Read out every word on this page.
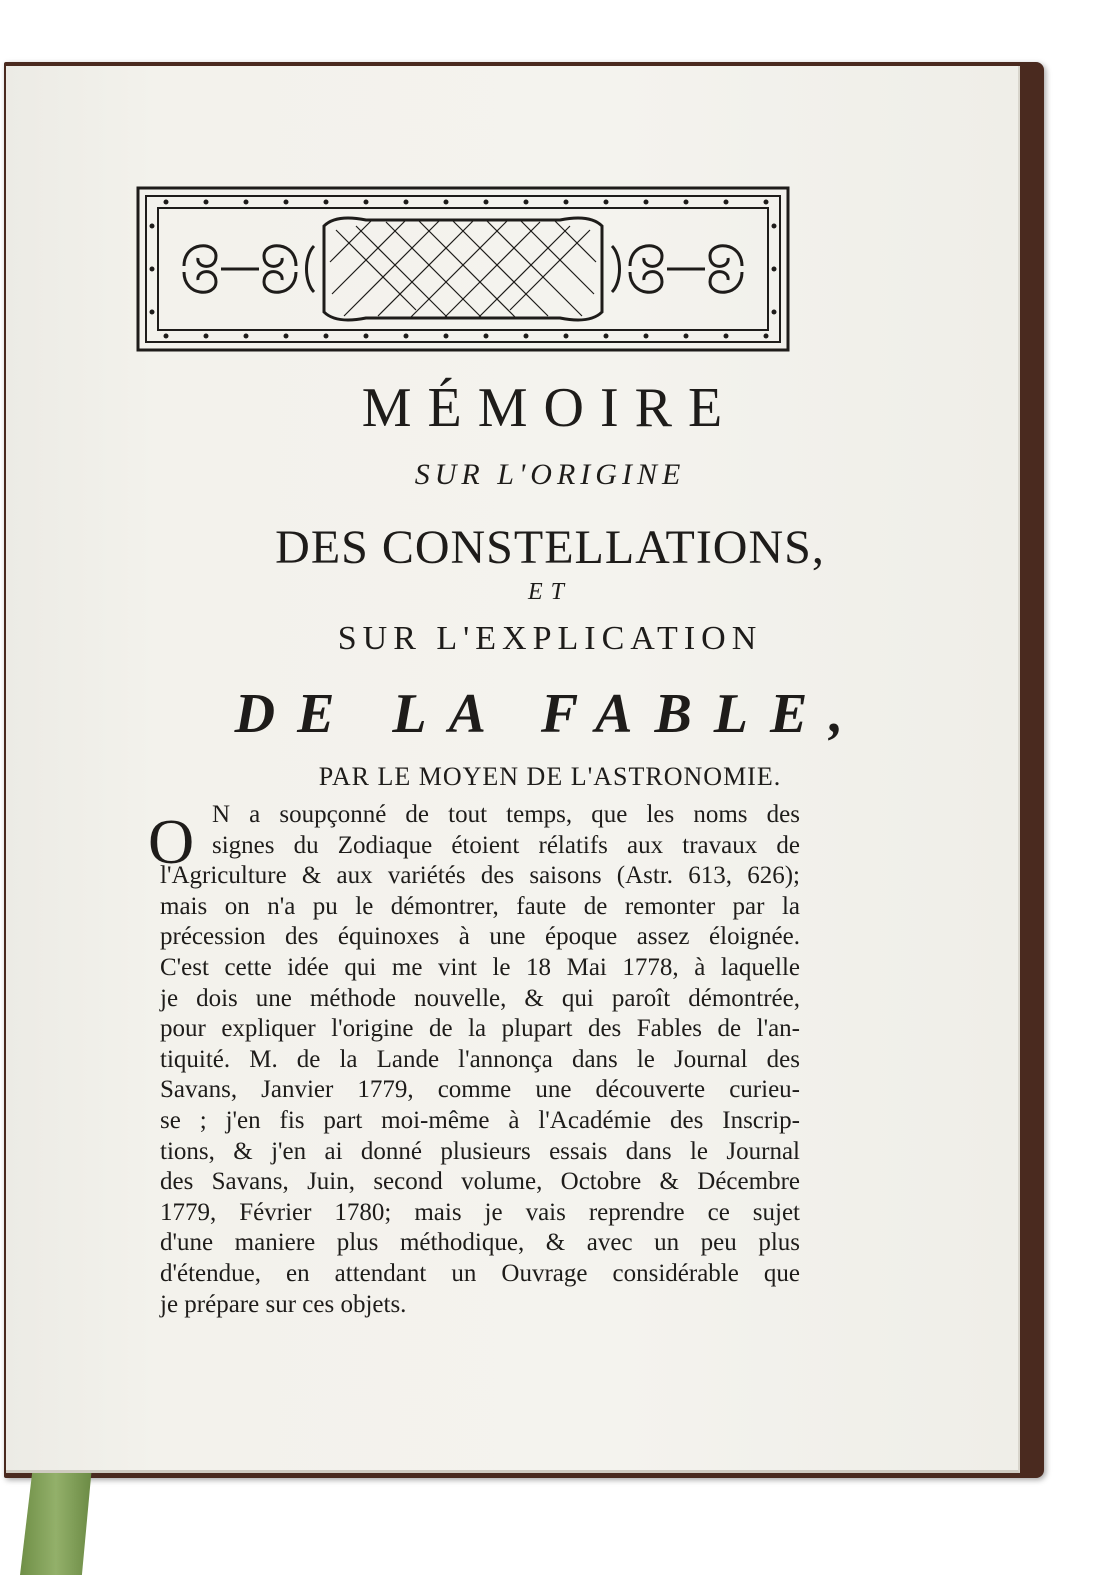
MÉMOIRE
SUR L'ORIGINE
DES CONSTELLATIONS,
ET
SUR L'EXPLICATION
DE LA FABLE,
PAR LE MOYEN DE L'ASTRONOMIE.
O N a soupçonné de tout temps, que les noms des
signes du Zodiaque étoient rélatifs aux travaux de
l'Agriculture & aux variétés des saisons (Astr. 613, 626);
mais on n'a pu le démontrer, faute de remonter par la
précession des équinoxes à une époque assez éloignée.
C'est cette idée qui me vint le 18 Mai 1778, à laquelle
je dois une méthode nouvelle, & qui paroît démontrée,
pour expliquer l'origine de la plupart des Fables de l'an-
tiquité. M. de la Lande l'annonça dans le Journal des
Savans, Janvier 1779, comme une découverte curieu-
se ; j'en fis part moi-même à l'Académie des Inscrip-
tions, & j'en ai donné plusieurs essais dans le Journal
des Savans, Juin, second volume, Octobre & Décembre
1779, Février 1780; mais je vais reprendre ce sujet
d'une maniere plus méthodique, & avec un peu plus
d'étendue, en attendant un Ouvrage considérable que
je prépare sur ces objets.
